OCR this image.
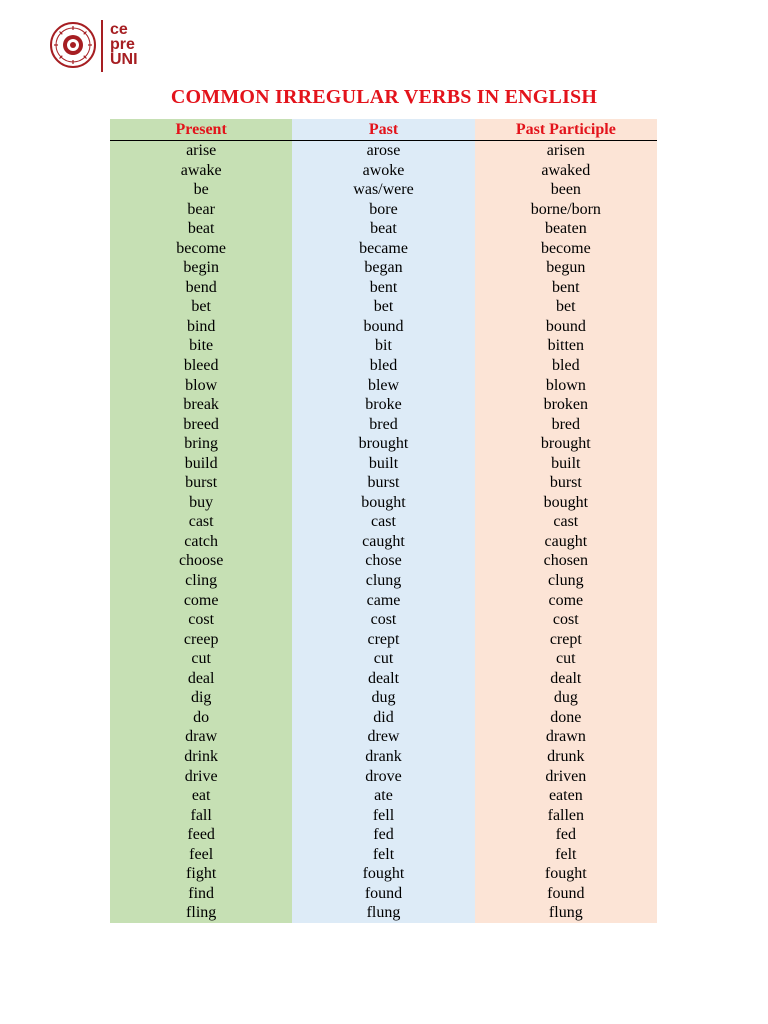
ce
pre
UNI
COMMON IRREGULAR VERBS IN ENGLISH
Present	Past	Past Participle
arise	arose	arisen
awake	awoke	awaked
be	was/were	been
bear	bore	borne/born
beat	beat	beaten
become	became	become
begin	began	begun
bend	bent	bent
bet	bet	bet
bind	bound	bound
bite	bit	bitten
bleed	bled	bled
blow	blew	blown
break	broke	broken
breed	bred	bred
bring	brought	brought
build	built	built
burst	burst	burst
buy	bought	bought
cast	cast	cast
catch	caught	caught
choose	chose	chosen
cling	clung	clung
come	came	come
cost	cost	cost
creep	crept	crept
cut	cut	cut
deal	dealt	dealt
dig	dug	dug
do	did	done
draw	drew	drawn
drink	drank	drunk
drive	drove	driven
eat	ate	eaten
fall	fell	fallen
feed	fed	fed
feel	felt	felt
fight	fought	fought
find	found	found
fling	flung	flung
